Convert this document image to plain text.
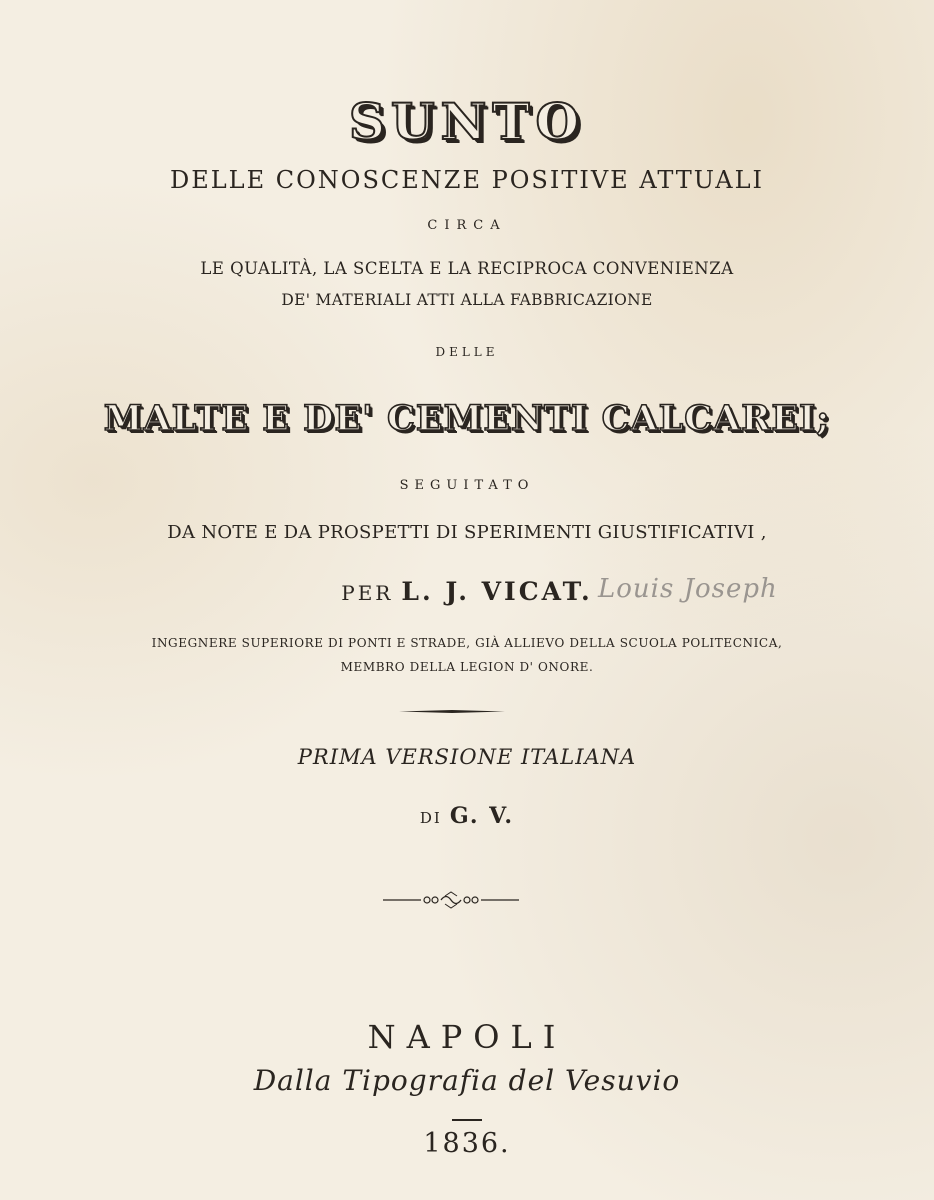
SUNTO
DELLE CONOSCENZE POSITIVE ATTUALI
CIRCA
LE QUALITÀ, LA SCELTA E LA RECIPROCA CONVENIENZA
DE' MATERIALI ATTI ALLA FABBRICAZIONE
DELLE
MALTE E DE' CEMENTI CALCAREI;
SEGUITATO
DA NOTE E DA PROSPETTI DI SPERIMENTI GIUSTIFICATIVI ,
PER L. J. VICAT. Louis Joseph
INGEGNERE SUPERIORE DI PONTI E STRADE, GIÀ ALLIEVO DELLA SCUOLA POLITECNICA,
MEMBRO DELLA LEGION D' ONORE.
PRIMA VERSIONE ITALIANA
DI G. V.
NAPOLI
Dalla Tipografia del Vesuvio
1836.
